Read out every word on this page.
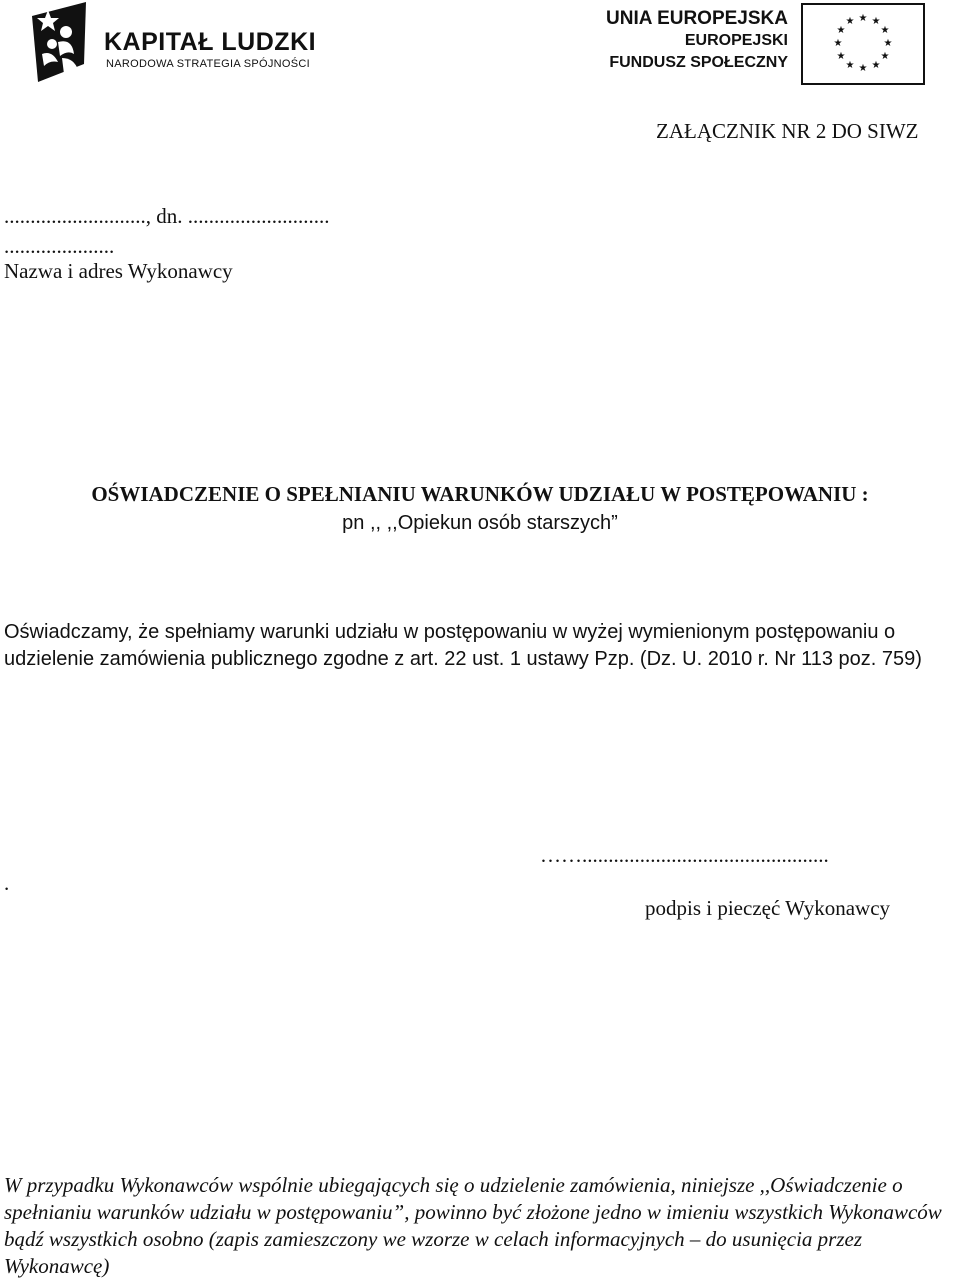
KAPITAŁ LUDZKI
NARODOWA STRATEGIA SPÓJNOŚCI
UNIA EUROPEJSKA
EUROPEJSKI
FUNDUSZ SPOŁECZNY
★ ★
★
★
★
★
★
★
★
★
★
★
ZAŁĄCZNIK NR 2 DO SIWZ
..........................., dn. ...........................
.....................
Nazwa i adres Wykonawcy
OŚWIADCZENIE O SPEŁNIANIU WARUNKÓW UDZIAŁU W POSTĘPOWANIU :
pn ,, ,,Opiekun osób starszych”
Oświadczamy, że spełniamy warunki udziału w postępowaniu w wyżej wymienionym postępowaniu o udzielenie zamówienia publicznego zgodne z art. 22 ust. 1 ustawy Pzp. (Dz. U. 2010 r. Nr 113 poz. 759)
.
……...............................................
podpis i pieczęć Wykonawcy
W przypadku Wykonawców wspólnie ubiegających się o udzielenie zamówienia, niniejsze ,,Oświadczenie o spełnianiu warunków udziału w postępowaniu”, powinno być złożone jedno w imieniu wszystkich Wykonawców bądź wszystkich osobno (zapis zamieszczony we wzorze w celach informacyjnych – do usunięcia przez Wykonawcę)
